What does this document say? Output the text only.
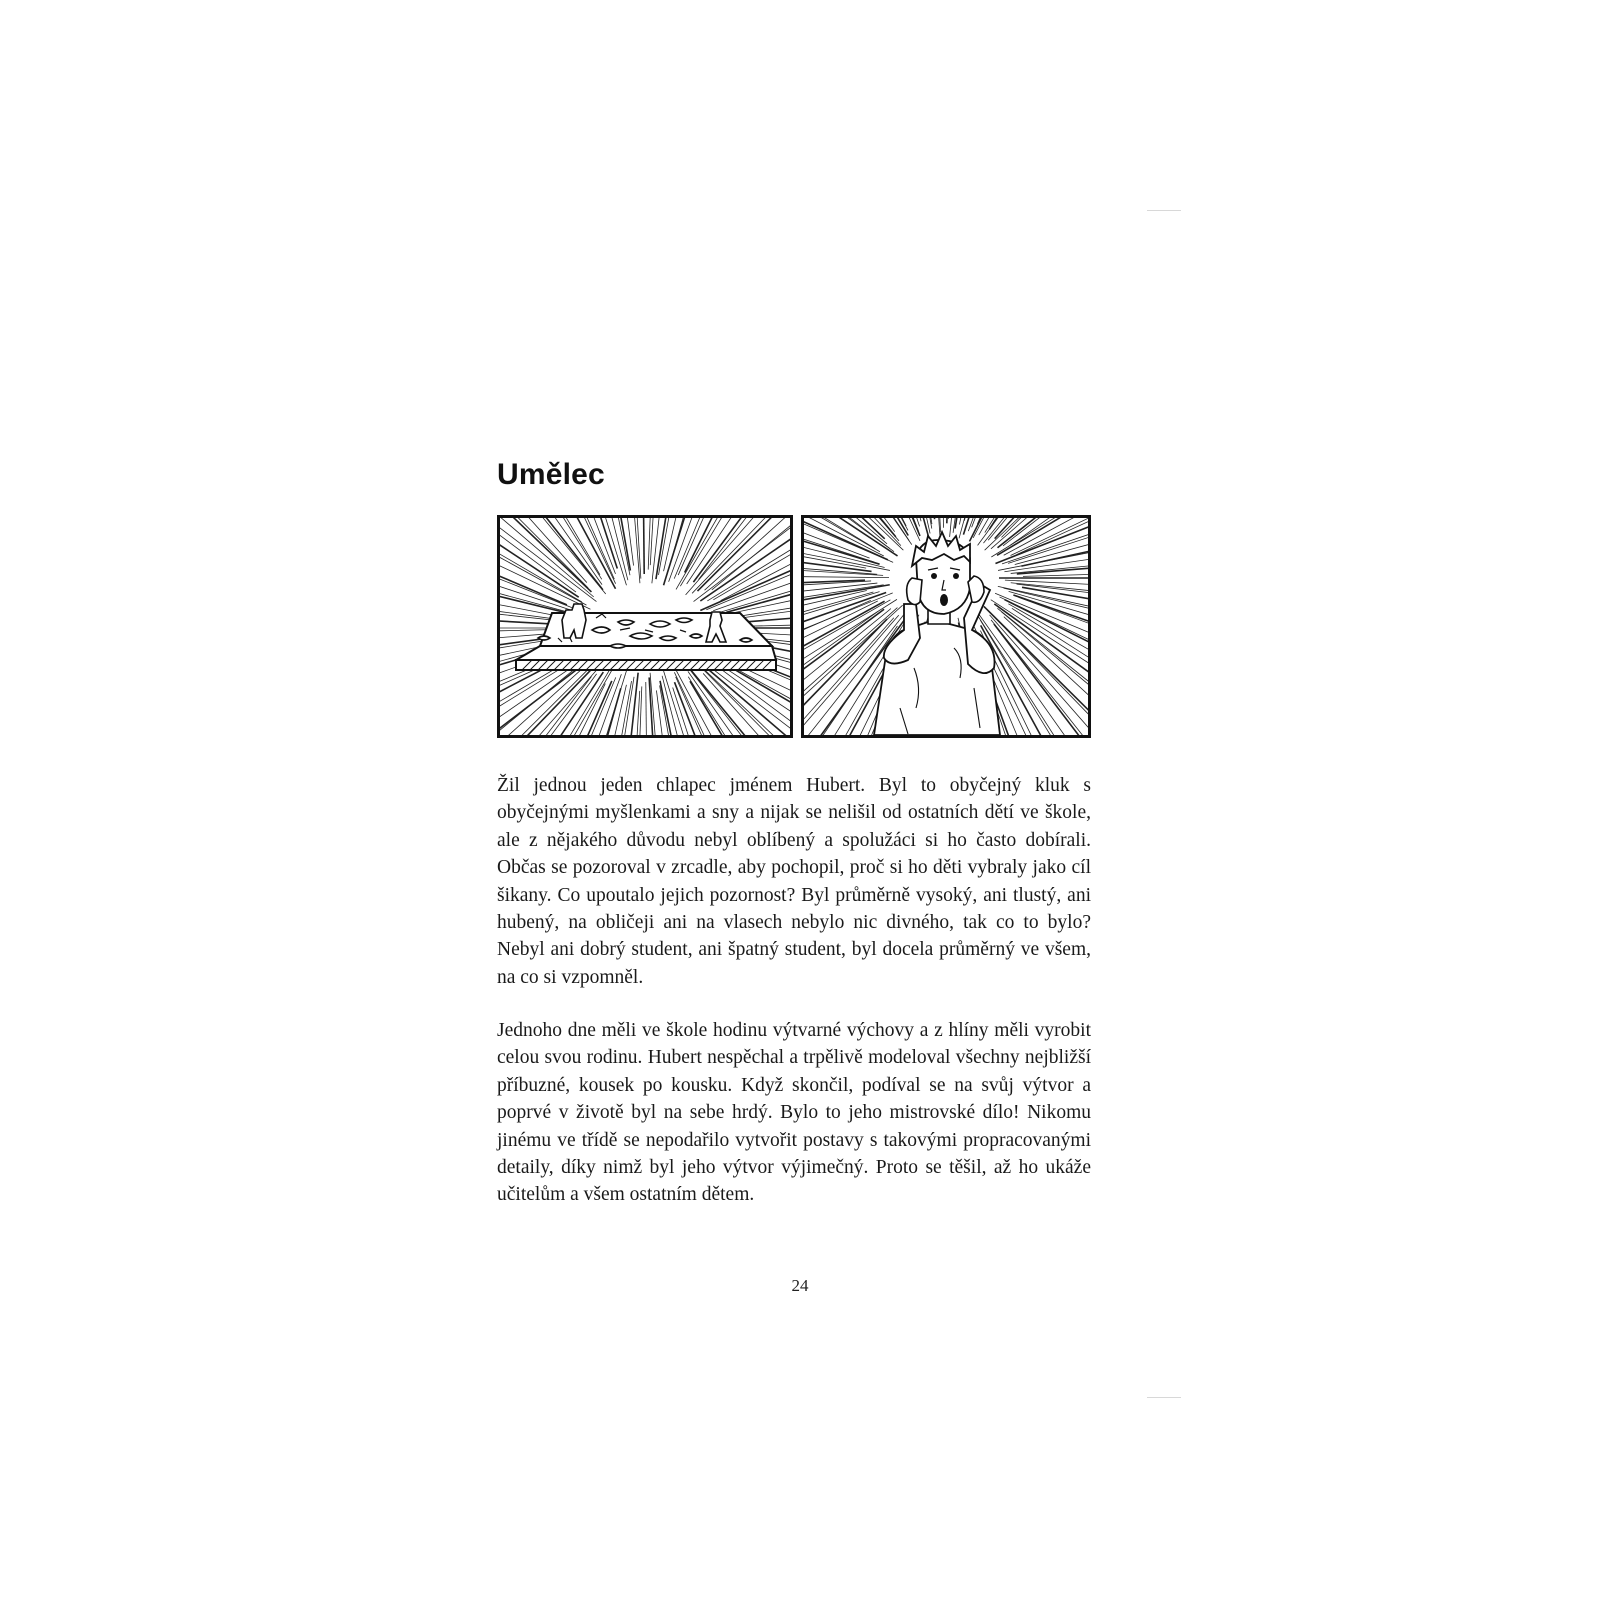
Umělec

Žil jednou jeden chlapec jménem Hubert. Byl to obyčejný kluk s obyčejnými myšlenkami a sny a nijak se nelišil od ostatních dětí ve škole, ale z nějakého důvodu nebyl oblíbený a spolužáci si ho často dobírali. Občas se pozoroval v zrcadle, aby pochopil, proč si ho děti vybraly jako cíl šikany. Co upoutalo jejich pozornost? Byl průměrně vysoký, ani tlustý, ani hubený, na obličeji ani na vlasech nebylo nic divného, tak co to bylo? Nebyl ani dobrý student, ani špatný student, byl docela průměrný ve všem, na co si vzpomněl.

Jednoho dne měli ve škole hodinu výtvarné výchovy a z hlíny měli vyrobit celou svou rodinu. Hubert nespěchal a trpělivě modeloval všechny nejbližší příbuzné, kousek po kousku. Když skončil, podíval se na svůj výtvor a poprvé v životě byl na sebe hrdý. Bylo to jeho mistrovské dílo! Nikomu jinému ve třídě se nepodařilo vytvořit postavy s takovými propracovanými detaily, díky nimž byl jeho výtvor výjimečný. Proto se těšil, až ho ukáže učitelům a všem ostatním dětem.

24
